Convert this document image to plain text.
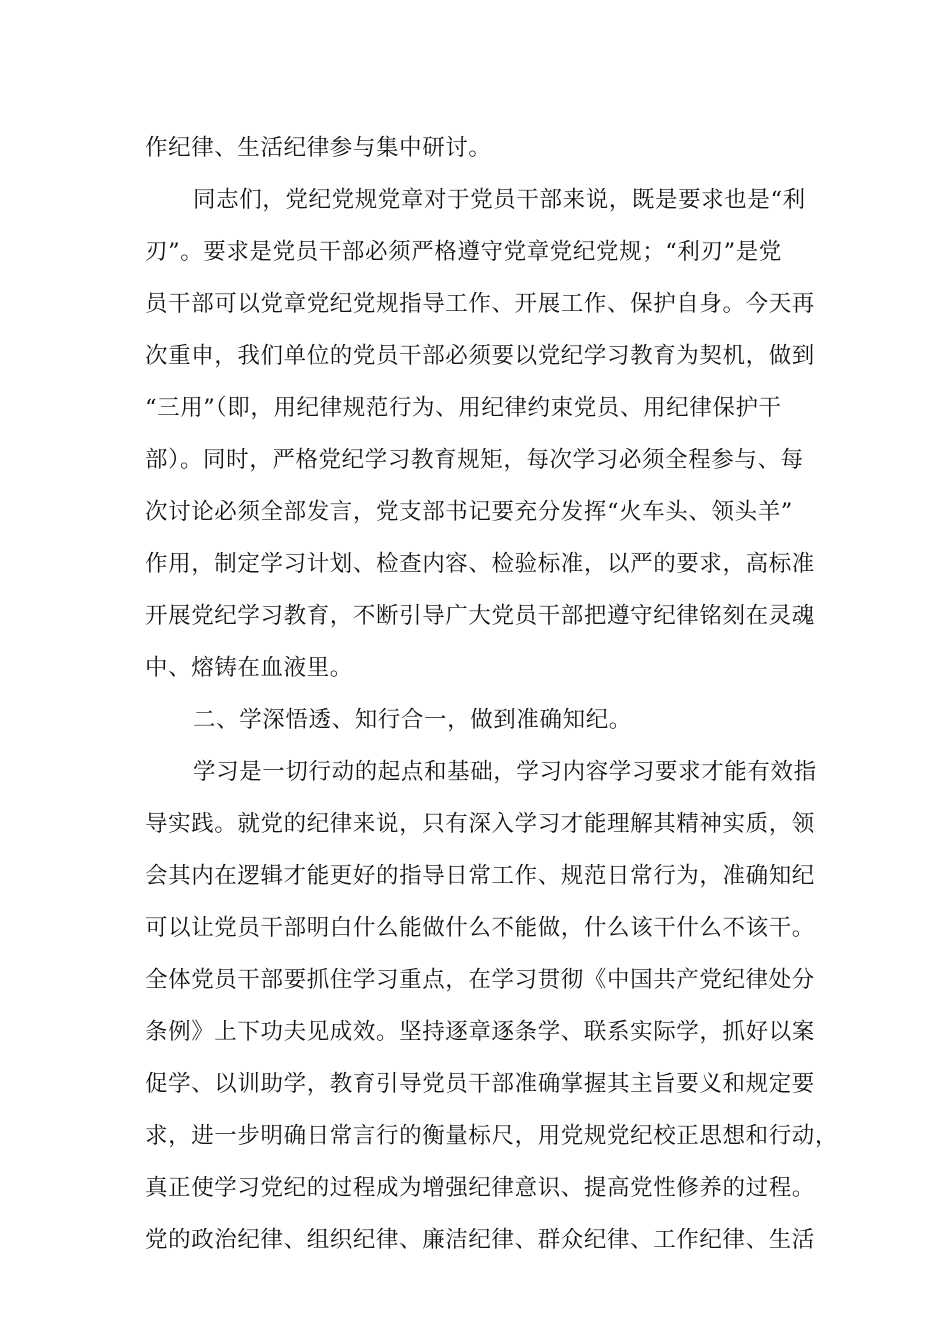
作纪律、生活纪律参与集中研讨。
同志们，党纪党规党章对于党员干部来说，既是要求也是“利
刃”。要求是党员干部必须严格遵守党章党纪党规；“利刃”是党
员干部可以党章党纪党规指导工作、开展工作、保护自身。今天再
次重申，我们单位的党员干部必须要以党纪学习教育为契机，做到
“三用”（即，用纪律规范行为、用纪律约束党员、用纪律保护干
部）。同时，严格党纪学习教育规矩，每次学习必须全程参与、每
次讨论必须全部发言，党支部书记要充分发挥“火车头、领头羊”
作用，制定学习计划、检查内容、检验标准，以严的要求，高标准
开展党纪学习教育，不断引导广大党员干部把遵守纪律铭刻在灵魂
中、熔铸在血液里。
二、学深悟透、知行合一，做到准确知纪。
学习是一切行动的起点和基础，学习内容学习要求才能有效指
导实践。就党的纪律来说，只有深入学习才能理解其精神实质，领
会其内在逻辑才能更好的指导日常工作、规范日常行为，准确知纪
可以让党员干部明白什么能做什么不能做，什么该干什么不该干。
全体党员干部要抓住学习重点，在学习贯彻《中国共产党纪律处分
条例》上下功夫见成效。坚持逐章逐条学、联系实际学，抓好以案
促学、以训助学，教育引导党员干部准确掌握其主旨要义和规定要
求，进一步明确日常言行的衡量标尺，用党规党纪校正思想和行动，
真正使学习党纪的过程成为增强纪律意识、提高党性修养的过程。
党的政治纪律、组织纪律、廉洁纪律、群众纪律、工作纪律、生活
